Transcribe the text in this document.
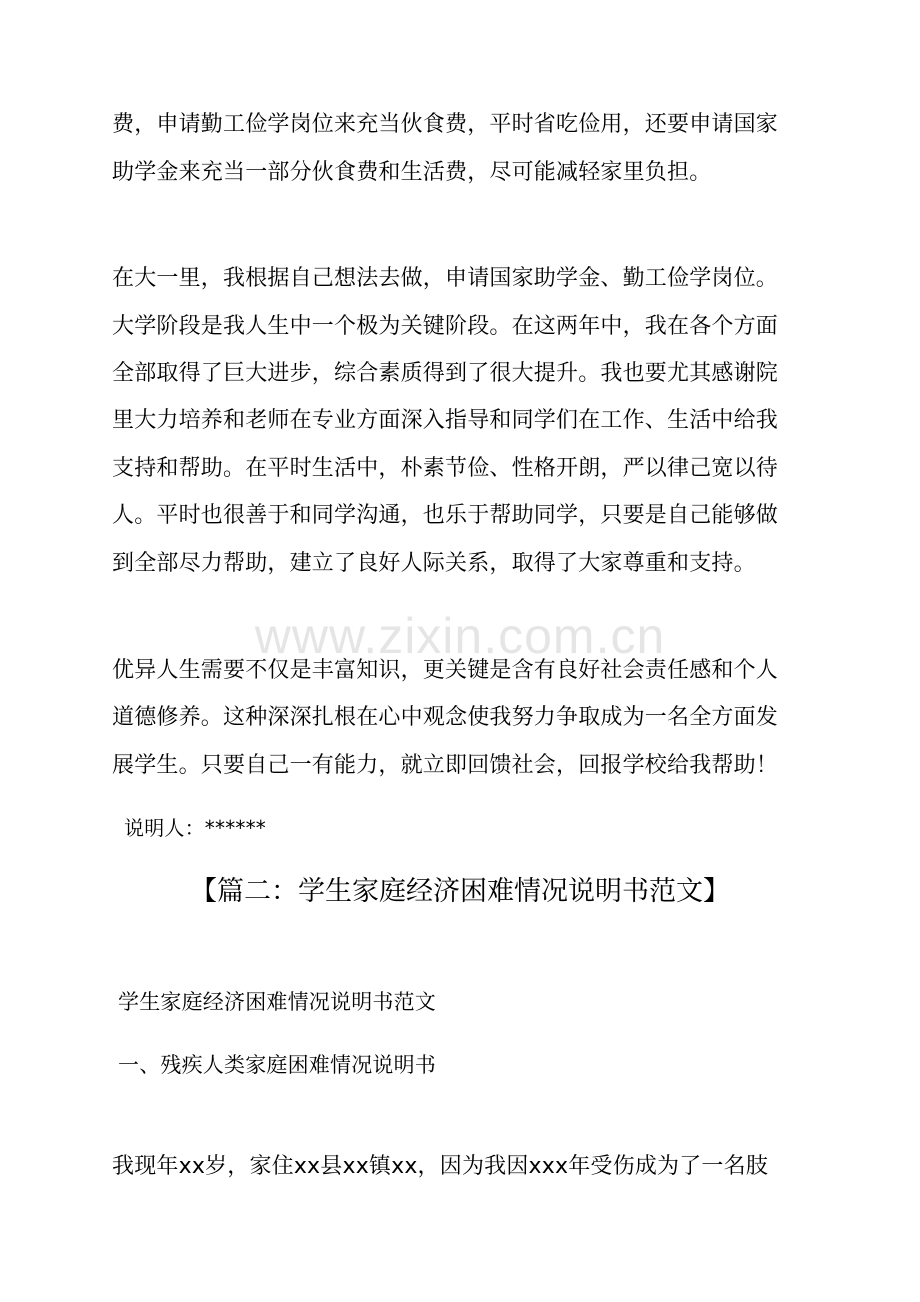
费，申请勤工俭学岗位来充当伙食费，平时省吃俭用，还要申请国家
助学金来充当一部分伙食费和生活费，尽可能减轻家里负担。
在大一里，我根据自己想法去做，申请国家助学金、勤工俭学岗位。
大学阶段是我人生中一个极为关键阶段。在这两年中，我在各个方面
全部取得了巨大进步，综合素质得到了很大提升。我也要尤其感谢院
里大力培养和老师在专业方面深入指导和同学们在工作、生活中给我
支持和帮助。在平时生活中，朴素节俭、性格开朗，严以律己宽以待
人。平时也很善于和同学沟通，也乐于帮助同学，只要是自己能够做
到全部尽力帮助，建立了良好人际关系，取得了大家尊重和支持。
www.zixin.com.cn
优异人生需要不仅是丰富知识，更关键是含有良好社会责任感和个人
道德修养。这种深深扎根在心中观念使我努力争取成为一名全方面发
展学生。只要自己一有能力，就立即回馈社会，回报学校给我帮助！
说明人：******
【篇二：学生家庭经济困难情况说明书范文】
学生家庭经济困难情况说明书范文
一、残疾人类家庭困难情况说明书
我现年xx岁，家住xx县xx镇xx，因为我因xxx年受伤成为了一名肢
